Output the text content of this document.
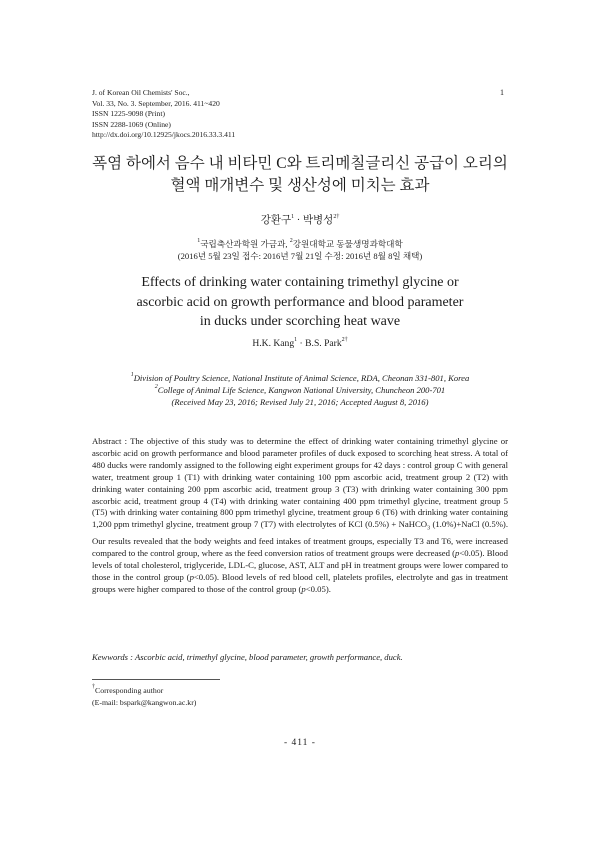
J. of Korean Oil Chemists' Soc.,
Vol. 33, No. 3. September, 2016. 411~420
ISSN 1225-9098 (Print)
ISSN 2288-1069 (Online)
http://dx.doi.org/10.12925/jkocs.2016.33.3.411
1
폭염 하에서 음수 내 비타민 C와 트리메칠글리신 공급이 오리의
혈액 매개변수 및 생산성에 미치는 효과
강환구$^1$ · 박병성$^{2\dagger}$
$^1$국립축산과학원 가금과, $^2$강원대학교 동물생명과학대학
(2016년 5월 23일 접수: 2016년 7월 21일 수정: 2016년 8월 8일 채택)
Effects of drinking water containing trimethyl glycine or
ascorbic acid on growth performance and blood parameter
in ducks under scorching heat wave
H.K. Kang$^1$ · B.S. Park$^{2\dagger}$
$^1$Division of Poultry Science, National Institute of Animal Science, RDA, Cheonan 331-801, Korea
$^2$College of Animal Life Science, Kangwon National University, Chuncheon 200-701
(Received May 23, 2016; Revised July 21, 2016; Accepted August 8, 2016)
Abstract : The objective of this study was to determine the effect of drinking water containing trimethyl glycine or ascorbic acid on growth performance and blood parameter profiles of duck exposed to scorching heat stress. A total of 480 ducks were randomly assigned to the following eight experiment groups for 42 days : control group C with general water, treatment group 1 (T1) with drinking water containing 100 ppm ascorbic acid, treatment group 2 (T2) with drinking water containing 200 ppm ascorbic acid, treatment group 3 (T3) with drinking water containing 300 ppm ascorbic acid, treatment group 4 (T4) with drinking water containing 400 ppm trimethyl glycine, treatment group 5 (T5) with drinking water containing 800 ppm trimethyl glycine, treatment group 6 (T6) with drinking water containing 1,200 ppm trimethyl glycine, treatment group 7 (T7) with electrolytes of KCl (0.5%) + NaHCO$_3$ (1.0%)+NaCl (0.5%). Our results revealed that the body weights and feed intakes of treatment groups, especially T3 and T6, were increased compared to the control group, where as the feed conversion ratios of treatment groups were decreased (p<0.05). Blood levels of total cholesterol, triglyceride, LDL-C, glucose, AST, ALT and pH in treatment groups were lower compared to those in the control group (p<0.05). Blood levels of red blood cell, platelets profiles, electrolyte and gas in treatment groups were higher compared to those of the control group (p<0.05).
Kewwords : Ascorbic acid, trimethyl glycine, blood parameter, growth performance, duck.
†Corresponding author
(E-mail: bspark@kangwon.ac.kr)
- 411 -
